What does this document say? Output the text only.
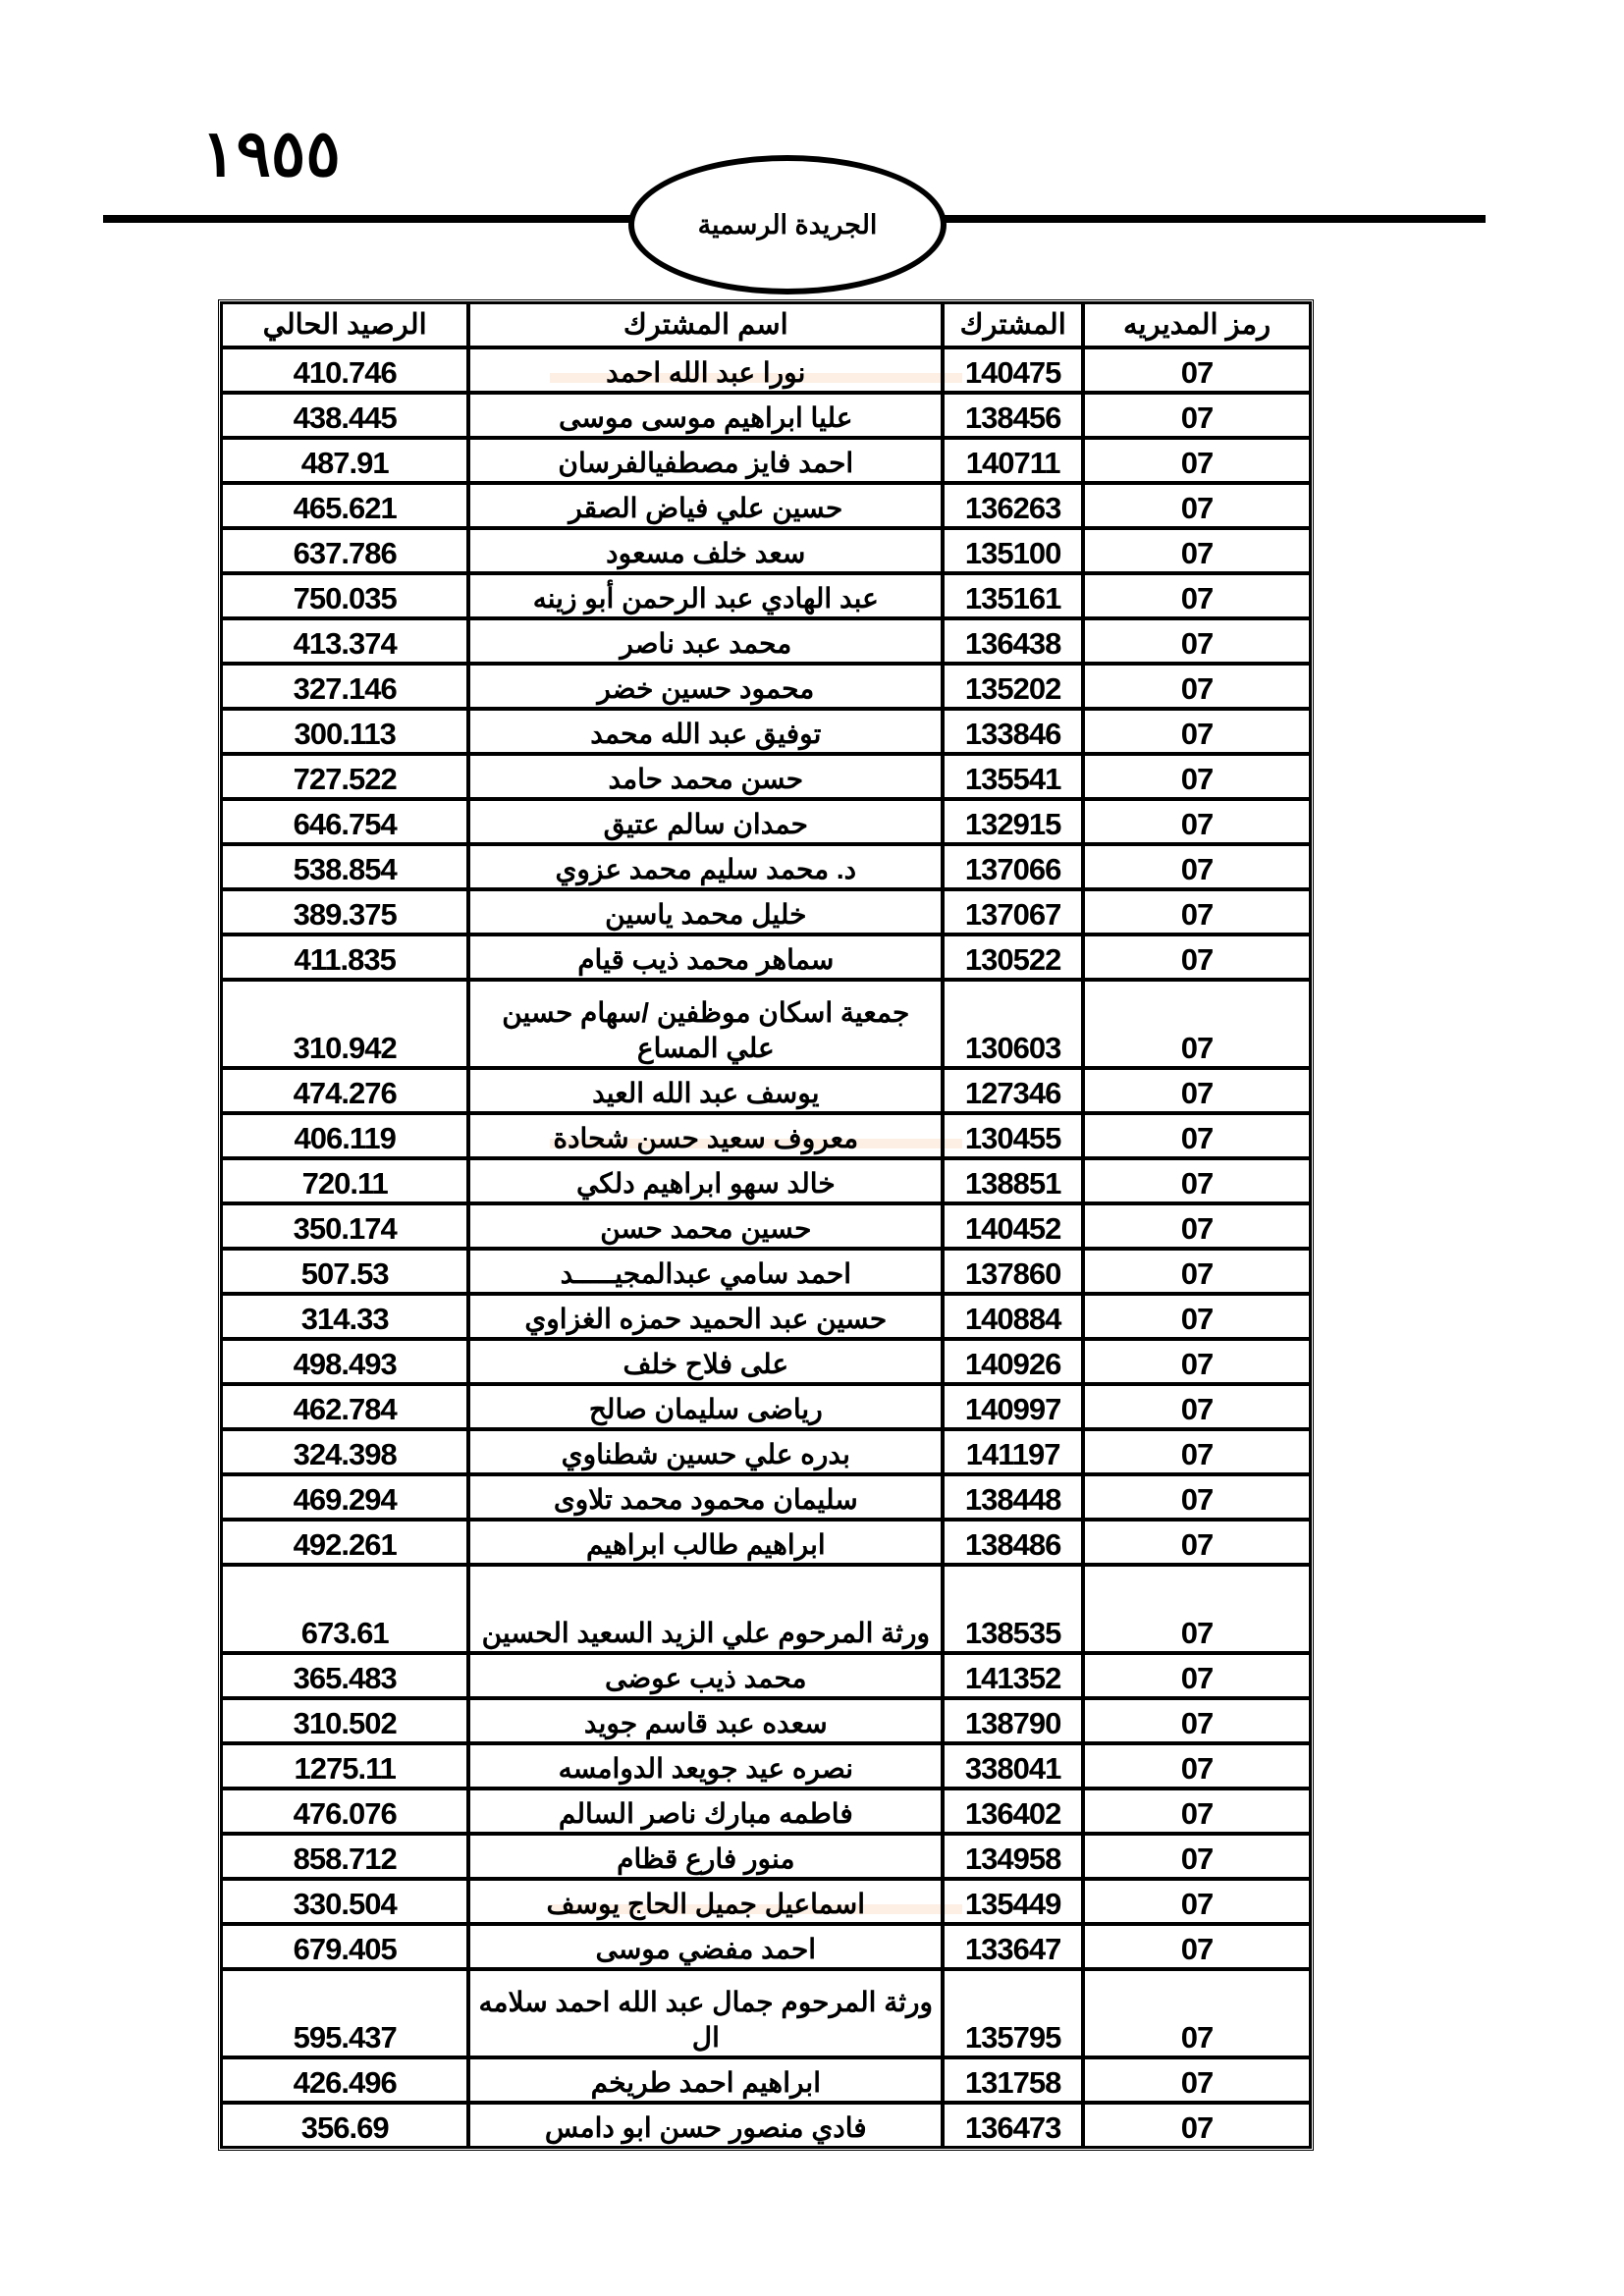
١٩٥٥
الجريدة الرسمية
رمز المديريه	المشترك	اسم المشترك	الرصيد الحالي
07	140475	نورا عبد الله احمد	410.746
07	138456	عليا ابراهيم موسى موسى	438.445
07	140711	احمد فايز مصطفيالفرسان	487.91
07	136263	حسين علي فياض الصقر	465.621
07	135100	سعد خلف مسعود	637.786
07	135161	عبد الهادي عبد الرحمن أبو زينه	750.035
07	136438	محمد عبد ناصر	413.374
07	135202	محمود حسين خضر	327.146
07	133846	توفيق عبد الله محمد	300.113
07	135541	حسن محمد حامد	727.522
07	132915	حمدان سالم عتيق	646.754
07	137066	د. محمد سليم محمد عزوي	538.854
07	137067	خليل محمد ياسين	389.375
07	130522	سماهر محمد ذيب قيام	411.835
07	130603	جمعية اسكان موظفين /سهام حسين علي المساع	310.942
07	127346	يوسف عبد الله العيد	474.276
07	130455	معروف سعيد حسن شحادة	406.119
07	138851	خالد سهو ابراهيم دلكي	720.11
07	140452	حسين محمد حسن	350.174
07	137860	احمد سامي عبدالمجيـــــد	507.53
07	140884	حسين عبد الحميد حمزه الغزاوي	314.33
07	140926	على فلاح خلف	498.493
07	140997	رياضى سليمان صالح	462.784
07	141197	بدره علي حسين شطناوي	324.398
07	138448	سليمان محمود محمد تلاوى	469.294
07	138486	ابراهيم طالب ابراهيم	492.261
07	138535	ورثة المرحوم علي الزيد السعيد الحسين	673.61
07	141352	محمد ذيب عوضى	365.483
07	138790	سعده عبد قاسم جويد	310.502
07	338041	نصره عيد جويعد الدوامسه	1275.11
07	136402	فاطمه مبارك ناصر السالم	476.076
07	134958	منور فارع قظام	858.712
07	135449	اسماعيل جميل الحاج يوسف	330.504
07	133647	احمد مفضي موسى	679.405
07	135795	ورثة المرحوم جمال عبد الله احمد سلامه ال	595.437
07	131758	ابراهيم احمد طريخم	426.496
07	136473	فادي منصور حسن ابو دامس	356.69
